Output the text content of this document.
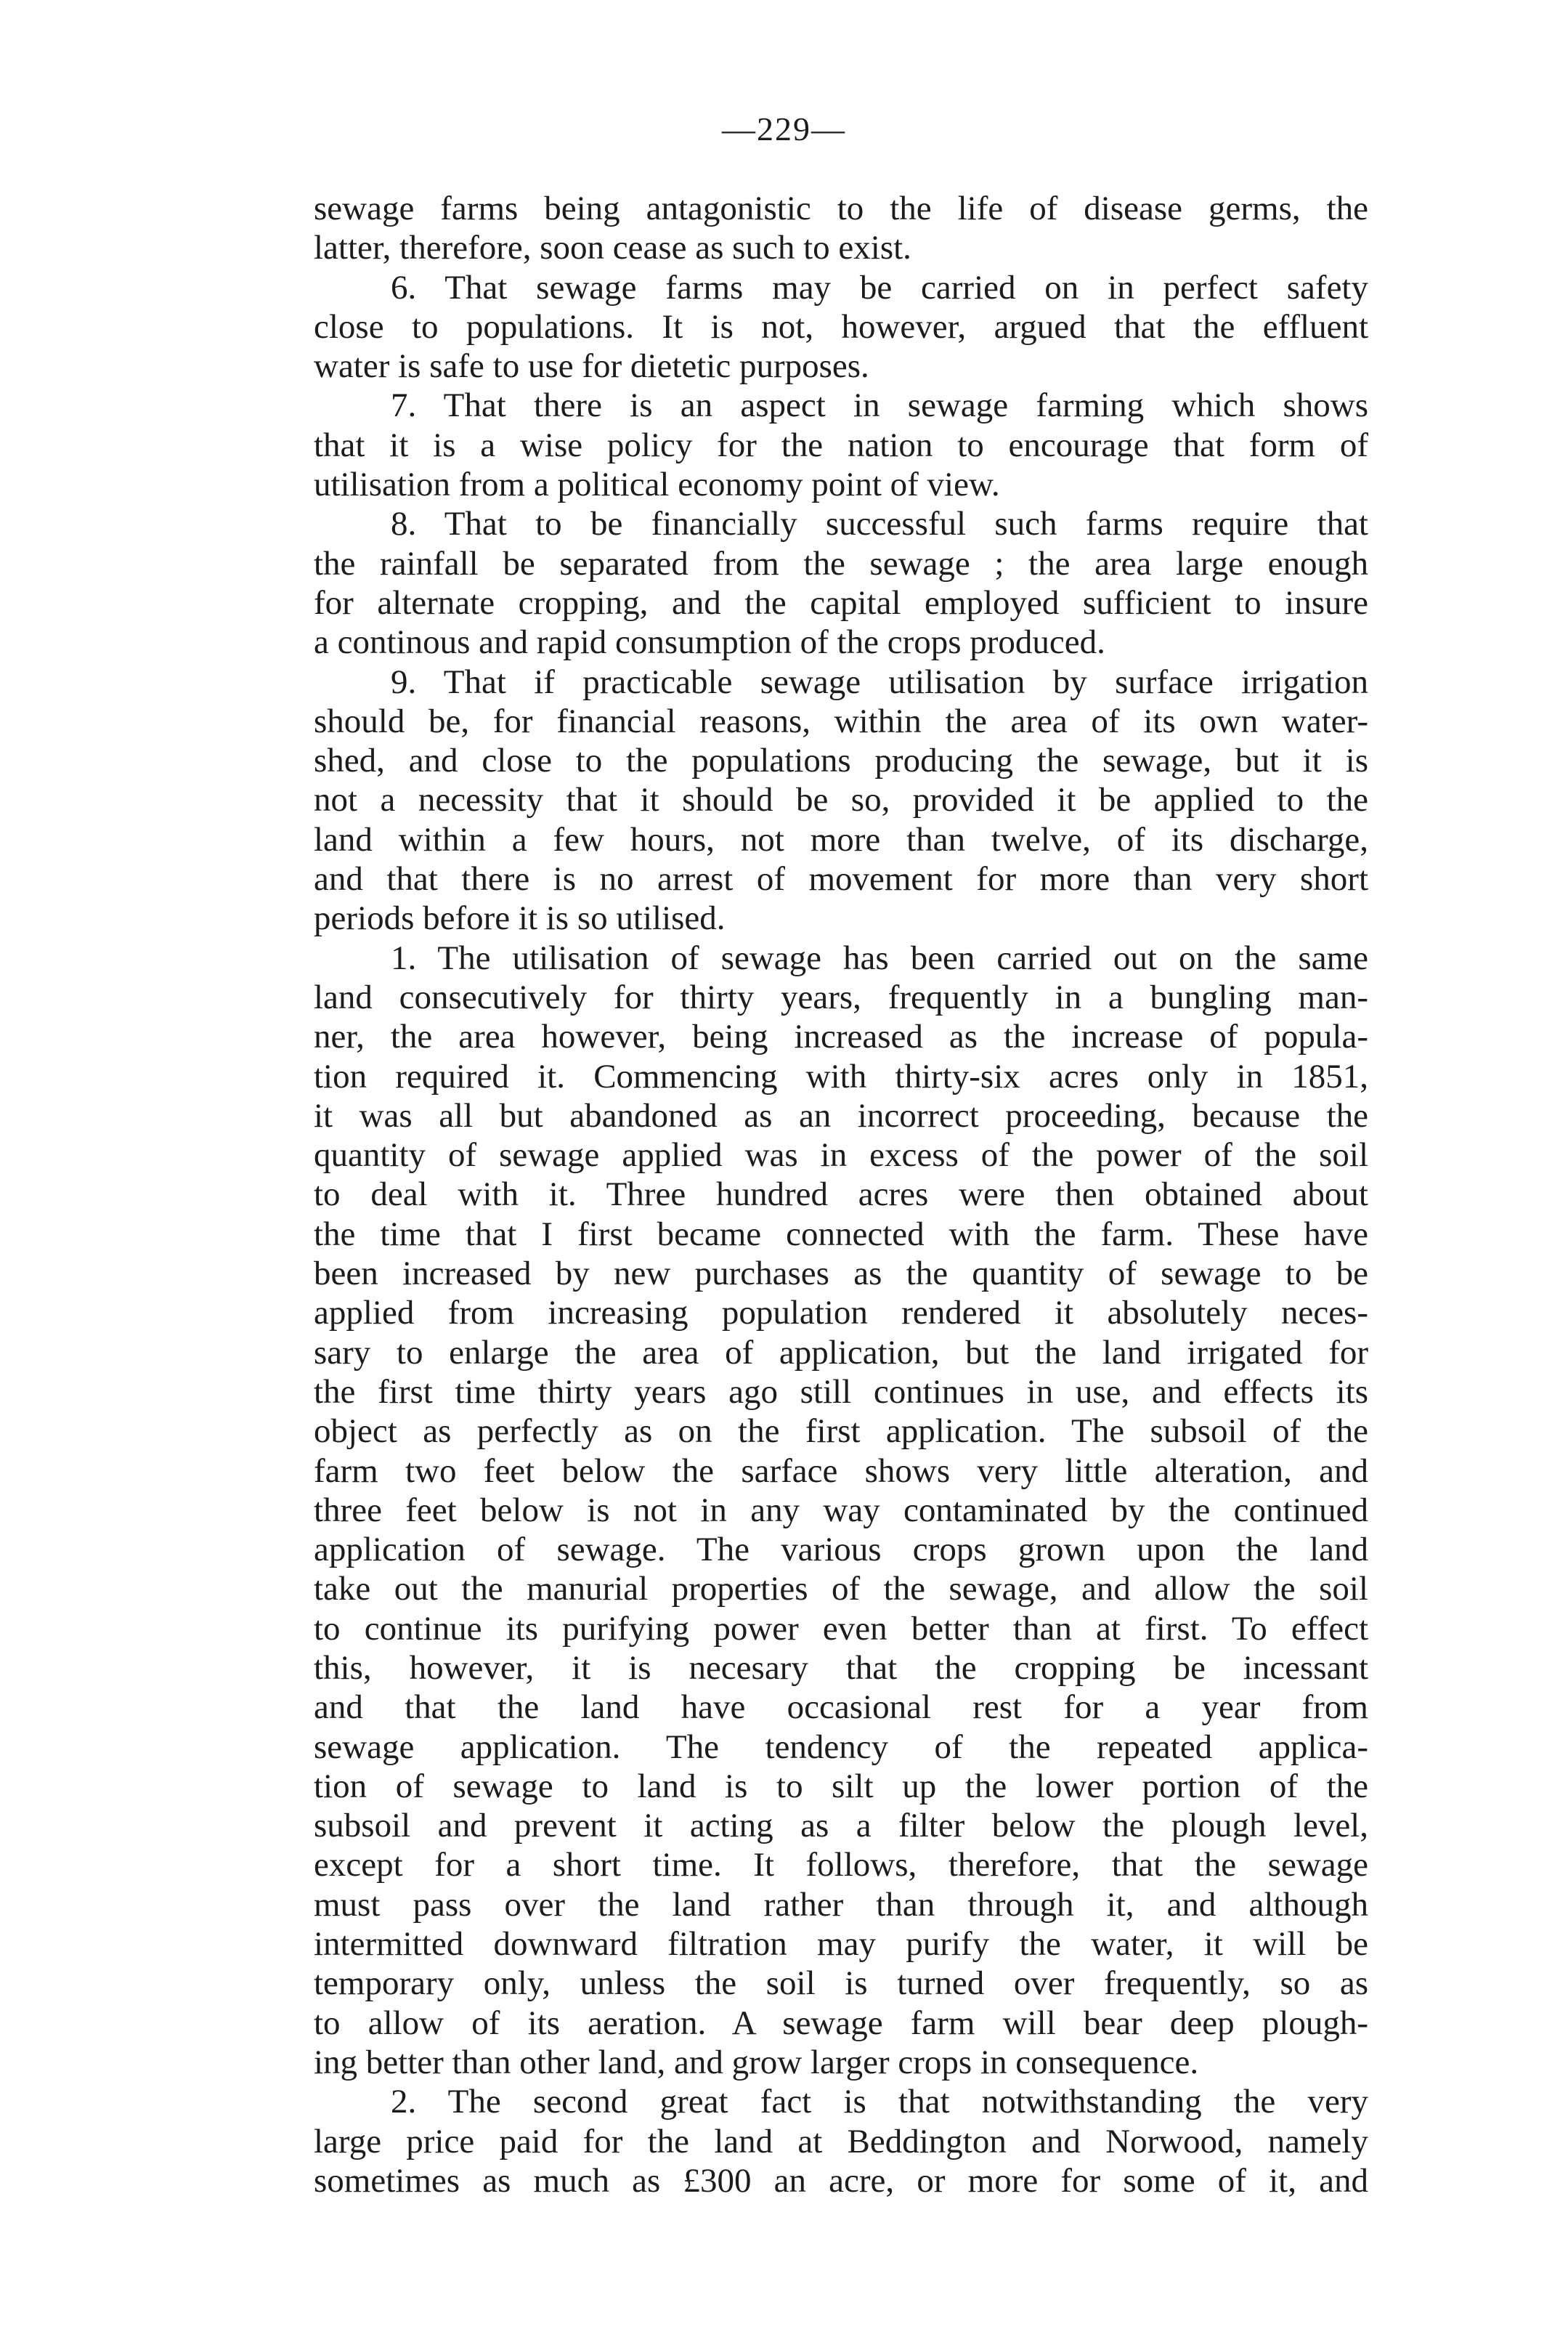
—229—
sewage farms being antagonistic to the life of disease germs, the
latter, therefore, soon cease as such to exist.
6. That sewage farms may be carried on in perfect safety
close to populations. It is not, however, argued that the effluent
water is safe to use for dietetic purposes.
7. That there is an aspect in sewage farming which shows
that it is a wise policy for the nation to encourage that form of
utilisation from a political economy point of view.
8. That to be financially successful such farms require that
the rainfall be separated from the sewage ; the area large enough
for alternate cropping, and the capital employed sufficient to insure
a continous and rapid consumption of the crops produced.
9. That if practicable sewage utilisation by surface irrigation
should be, for financial reasons, within the area of its own water-
shed, and close to the populations producing the sewage, but it is
not a necessity that it should be so, provided it be applied to the
land within a few hours, not more than twelve, of its discharge,
and that there is no arrest of movement for more than very short
periods before it is so utilised.
1. The utilisation of sewage has been carried out on the same
land consecutively for thirty years, frequently in a bungling man-
ner, the area however, being increased as the increase of popula-
tion required it. Commencing with thirty-six acres only in 1851,
it was all but abandoned as an incorrect proceeding, because the
quantity of sewage applied was in excess of the power of the soil
to deal with it. Three hundred acres were then obtained about
the time that I first became connected with the farm. These have
been increased by new purchases as the quantity of sewage to be
applied from increasing population rendered it absolutely neces-
sary to enlarge the area of application, but the land irrigated for
the first time thirty years ago still continues in use, and effects its
object as perfectly as on the first application. The subsoil of the
farm two feet below the sarface shows very little alteration, and
three feet below is not in any way contaminated by the continued
application of sewage. The various crops grown upon the land
take out the manurial properties of the sewage, and allow the soil
to continue its purifying power even better than at first. To effect
this, however, it is necesary that the cropping be incessant
and that the land have occasional rest for a year from
sewage application. The tendency of the repeated applica-
tion of sewage to land is to silt up the lower portion of the
subsoil and prevent it acting as a filter below the plough level,
except for a short time. It follows, therefore, that the sewage
must pass over the land rather than through it, and although
intermitted downward filtration may purify the water, it will be
temporary only, unless the soil is turned over frequently, so as
to allow of its aeration. A sewage farm will bear deep plough-
ing better than other land, and grow larger crops in consequence.
2. The second great fact is that notwithstanding the very
large price paid for the land at Beddington and Norwood, namely
sometimes as much as £300 an acre, or more for some of it, and
